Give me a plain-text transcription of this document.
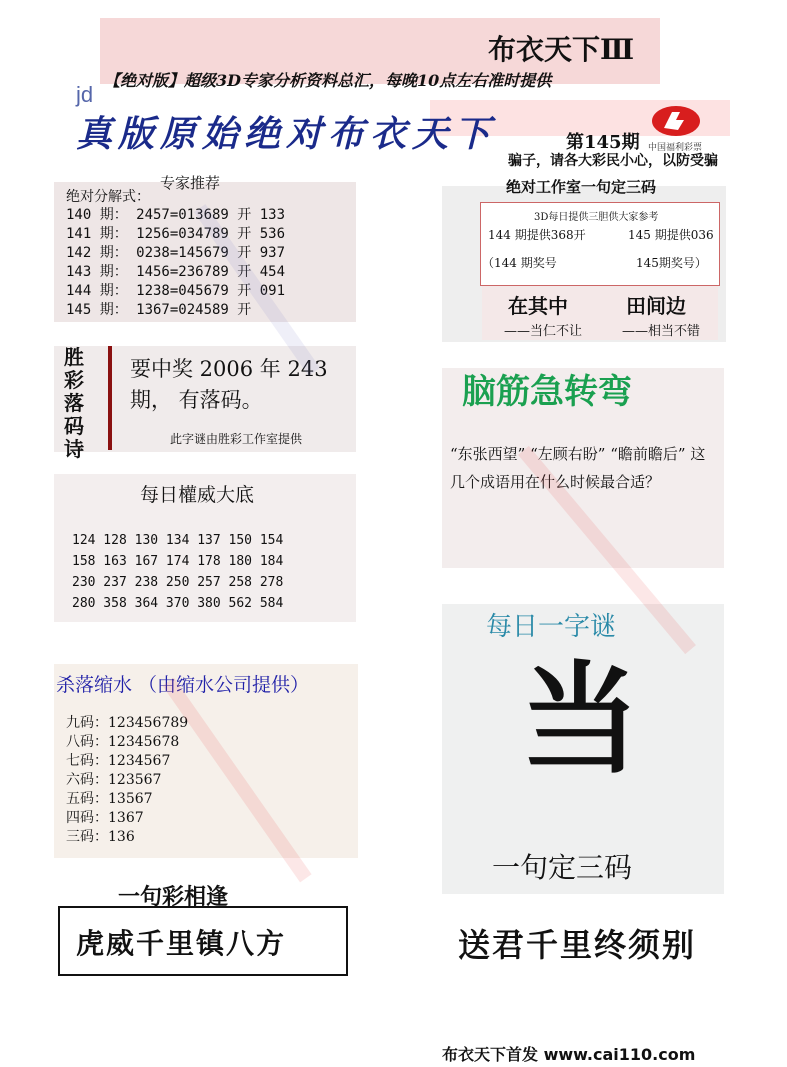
布衣天下Ⅲ
【绝对版】超级3D专家分析资料总汇，每晚10点左右准时提供
jd
真版原始绝对布衣天下	第145期 中国福利彩票
骗子，请各大彩民小心，以防受骗
专家推荐
绝对分解式：
140 期： 2457=013689 开 133
141 期： 1256=034789 开 536
142 期： 0238=145679 开 937
143 期： 1456=236789 开 454
144 期： 1238=045679 开 091
145 期： 1367=024589 开
绝对工作室一句定三码
3D每日提供三胆供大家参考
144 期提供368开	145 期提供036
（144 期奖号	145期奖号）
在其中	田间边
——当仁不让	——相当不错
胜彩落码诗
要中奖 2006 年 243 期， 有落码。
此字谜由胜彩工作室提供
每日權威大底
124 128 130 134 137 150 154
158 163 167 174 178 180 184
230 237 238 250 257 258 278
280 358 364 370 380 562 584
杀落缩水 （由缩水公司提供）
九码：123456789
八码：12345678
七码：1234567
六码：123567
五码：13567
四码：1367
三码：136
一句彩相逢
虎威千里镇八方
脑筋急转弯
“东张西望” “左顾右盼” “瞻前瞻后” 这几个成语用在什么时候最合适？
每日一字谜
当
一句定三码
送君千里终须别
布衣天下首发 www.cai110.com
